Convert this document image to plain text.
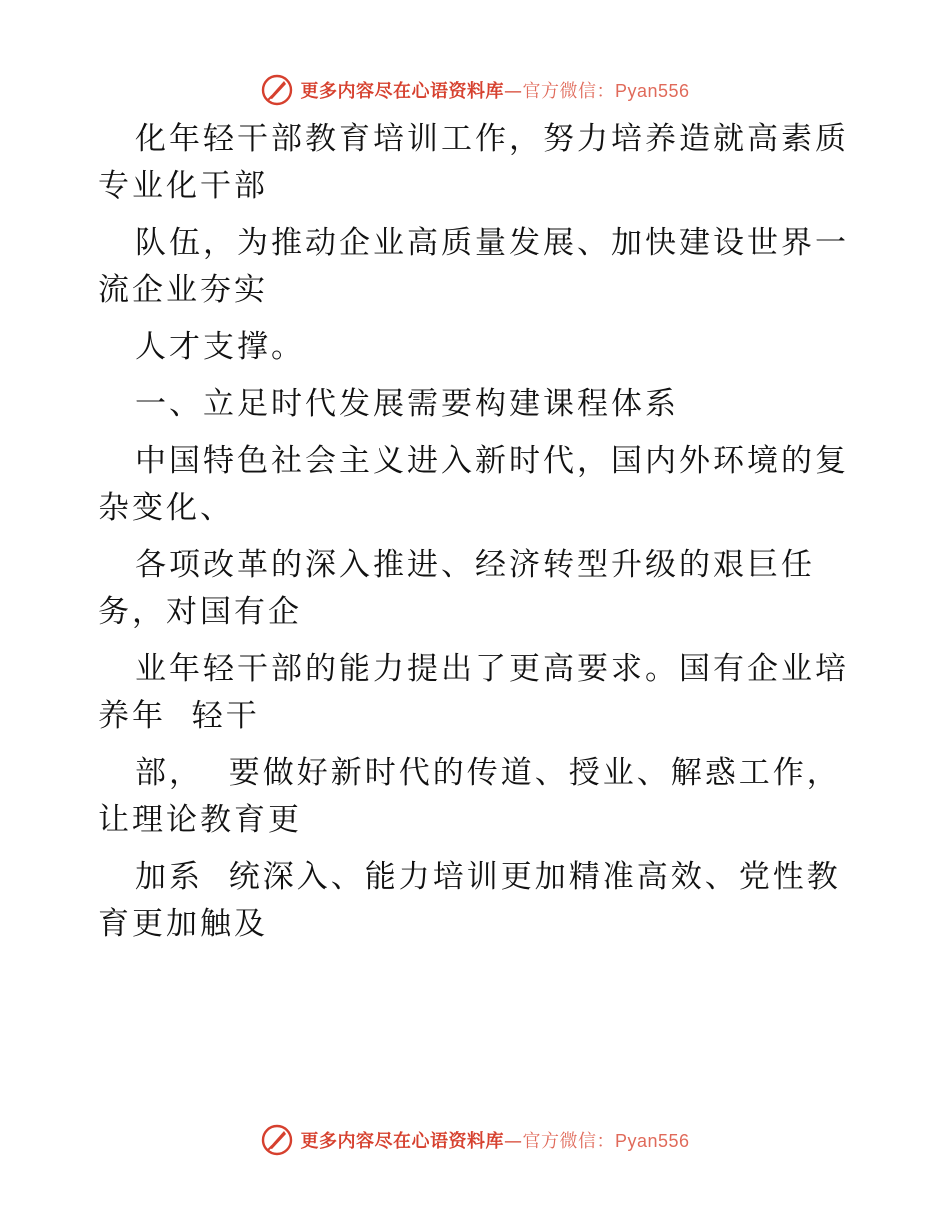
更多内容尽在心语资料库—官方微信：Pyan556

化年轻干部教育培训工作，努力培养造就高素质

专业化干部

队伍，为推动企业高质量发展、加快建设世界一

流企业夯实

人才支撑。

一、立足时代发展需要构建课程体系

中国特色社会主义进入新时代，国内外环境的复

杂变化、

各项改革的深入推进、经济转型升级的艰巨任

务，对国有企

业年轻干部的能力提出了更高要求。国有企业培

养年  轻干

部，  要做好新时代的传道、授业、解惑工作，

让理论教育更

加系  统深入、能力培训更加精准高效、党性教

育更加触及

更多内容尽在心语资料库—官方微信：Pyan556
